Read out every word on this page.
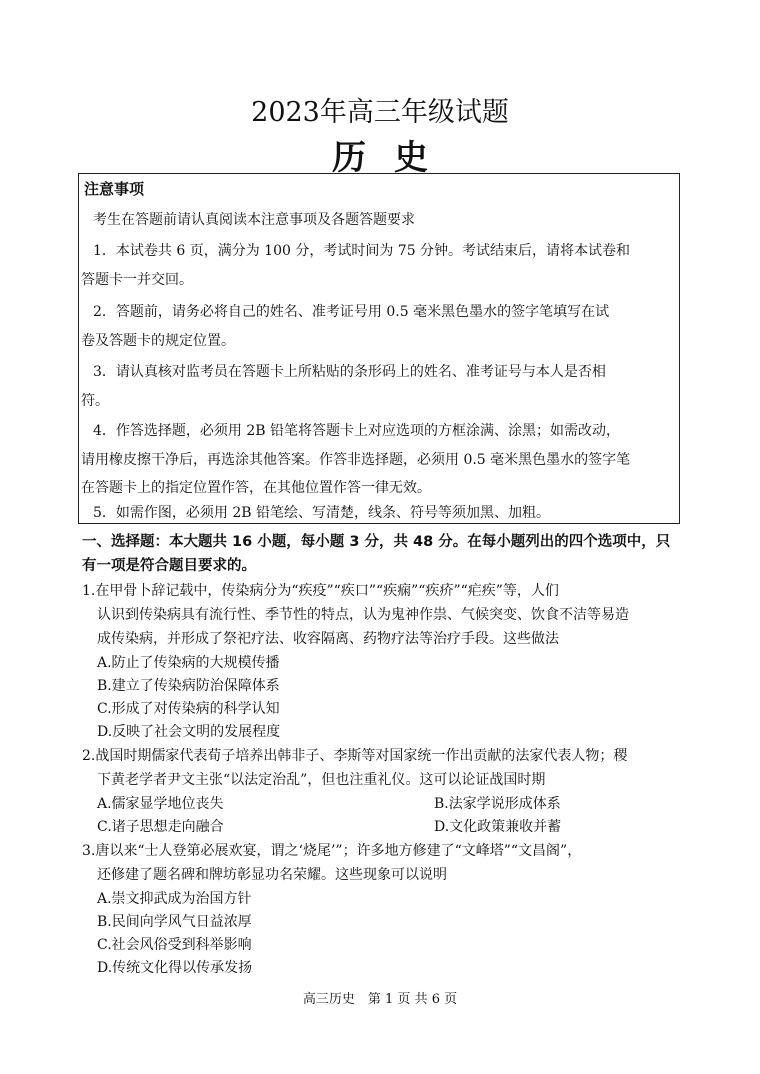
2023年高三年级试题
历史
注意事项
考生在答题前请认真阅读本注意事项及各题答题要求
1．本试卷共 6 页，满分为 100 分，考试时间为 75 分钟。考试结束后，请将本试卷和
答题卡一并交回。
2．答题前，请务必将自己的姓名、准考证号用 0.5 毫米黑色墨水的签字笔填写在试
卷及答题卡的规定位置。
3．请认真核对监考员在答题卡上所粘贴的条形码上的姓名、准考证号与本人是否相
符。
4．作答选择题，必须用 2B 铅笔将答题卡上对应选项的方框涂满、涂黑；如需改动，
请用橡皮擦干净后，再选涂其他答案。作答非选择题，必须用 0.5 毫米黑色墨水的签字笔
在答题卡上的指定位置作答，在其他位置作答一律无效。
5．如需作图，必须用 2B 铅笔绘、写清楚，线条、符号等须加黑、加粗。
一、选择题：本大题共 16 小题，每小题 3 分，共 48 分。在每小题列出的四个选项中，只
有一项是符合题目要求的。
1.在甲骨卜辞记载中，传染病分为“疾疫”“疾口”“疾痫”“疾疥”“疟疾”等，人们
认识到传染病具有流行性、季节性的特点，认为鬼神作祟、气候突变、饮食不洁等易造
成传染病，并形成了祭祀疗法、收容隔离、药物疗法等治疗手段。这些做法
A.防止了传染病的大规模传播
B.建立了传染病防治保障体系
C.形成了对传染病的科学认知
D.反映了社会文明的发展程度
2.战国时期儒家代表荀子培养出韩非子、李斯等对国家统一作出贡献的法家代表人物；稷
下黄老学者尹文主张“以法定治乱”，但也注重礼仪。这可以论证战国时期
A.儒家显学地位丧失	B.法家学说形成体系
C.诸子思想走向融合	D.文化政策兼收并蓄
3.唐以来“士人登第必展欢宴，谓之‘烧尾’”；许多地方修建了“文峰塔”“文昌阁”，
还修建了题名碑和牌坊彰显功名荣耀。这些现象可以说明
A.崇文抑武成为治国方针
B.民间向学风气日益浓厚
C.社会风俗受到科举影响
D.传统文化得以传承发扬
高三历史　第 1 页 共 6 页
